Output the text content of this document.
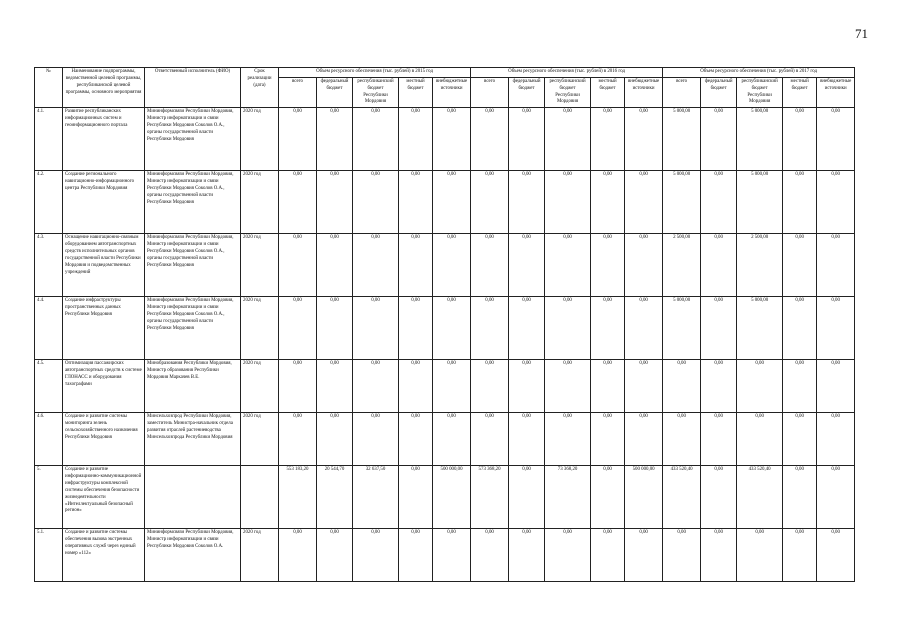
71
№	Наименование подпрограммы, ведомственной целевой программы, республиканской целевой программы, основного мероприятия	Ответственный исполнитель (ФИО)	Срок реализации (дата)	Объем ресурсного обеспечения (тыс. рублей) в 2015 год					Объем ресурсного обеспечения (тыс. рублей) в 2016 год					Объем ресурсного обеспечения (тыс. рублей) в 2017 год				
				всего	федеральный бюджет	республиканский бюджет Республики Мордовия	местный бюджет	внебюджетные источники	всего	федеральный бюджет	республиканский бюджет Республики Мордовия	местный бюджет	внебюджетные источники	всего	федеральный бюджет	республиканский бюджет Республики Мордовия	местный бюджет	внебюджетные источники
4.1.	Развитие республиканских информационных систем и геоинформационного портала	Мининформсвязи Республики Мордовия, Министр информатизации и связи Республики Мордовия Соколов О.А., органы государственной власти Республики Мордовия	2020 год	0,00	0,00	0,00	0,00	0,00	0,00	0,00	0,00	0,00	0,00	5 000,00	0,00	5 000,00	0,00	0,00
4.2.	Создание регионального навигационно-информационного центра Республики Мордовия	Мининформсвязи Республики Мордовия, Министр информатизации и связи Республики Мордовия Соколов О.А., органы государственной власти Республики Мордовия	2020 год	0,00	0,00	0,00	0,00	0,00	0,00	0,00	0,00	0,00	0,00	5 000,00	0,00	5 000,00	0,00	0,00
4.3.	Оснащение навигационно-связным оборудованием автотранспортных средств исполнительных органов государственной власти Республики Мордовия и подведомственных учреждений	Мининформсвязи Республики Мордовия, Министр информатизации и связи Республики Мордовия Соколов О.А., органы государственной власти Республики Мордовия	2020 год	0,00	0,00	0,00	0,00	0,00	0,00	0,00	0,00	0,00	0,00	2 500,00	0,00	2 500,00	0,00	0,00
4.4.	Создание инфраструктуры пространственных данных Республики Мордовия	Мининформсвязи Республики Мордовия, Министр информатизации и связи Республики Мордовия Соколов О.А., органы государственной власти Республики Мордовия	2020 год	0,00	0,00	0,00	0,00	0,00	0,00	0,00	0,00	0,00	0,00	5 000,00	0,00	5 000,00	0,00	0,00
4.5.	Оптимизация пассажирских автотранспортных средств к системе ГЛОНАСС и оборудования тахографами	Минобразования Республики Мордовия, Министр образования Республики Мордовия Маркачев В.Е.	2020 год	0,00	0,00	0,00	0,00	0,00	0,00	0,00	0,00	0,00	0,00	0,00	0,00	0,00	0,00	0,00
4.6.	Создание и развитие системы мониторинга зелень сельскохозяйственного назначения Республики Мордовия	Минсельхозпрод Республики Мордовия, заместитель Министра-начальник отдела развития отраслей растениеводства Минсельхозпрода Республики Мордовия	2020 год	0,00	0,00	0,00	0,00	0,00	0,00	0,00	0,00	0,00	0,00	0,00	0,00	0,00	0,00	0,00
5.	Создание и развитие информационно-коммуникационной инфраструктуры комплексной системы обеспечения безопасности жизнедеятельности «Интеллектуальный безопасный регион»			553 183,20	20 544,70	32 637,50	0,00	500 000,00	573 368,20	0,00	73 368,20	0,00	500 000,00	433 520,40	0,00	433 520,40	0,00	0,00
5.1.	Создание и развитие системы обеспечения вызова экстренных оперативных служб через единый номер «112»	Мининформсвязи Республики Мордовия, Министр информатизации и связи Республики Мордовия Соколов О.А.	2020 год	0,00	0,00	0,00	0,00	0,00	0,00	0,00	0,00	0,00	0,00	0,00	0,00	0,00	0,00	0,00
